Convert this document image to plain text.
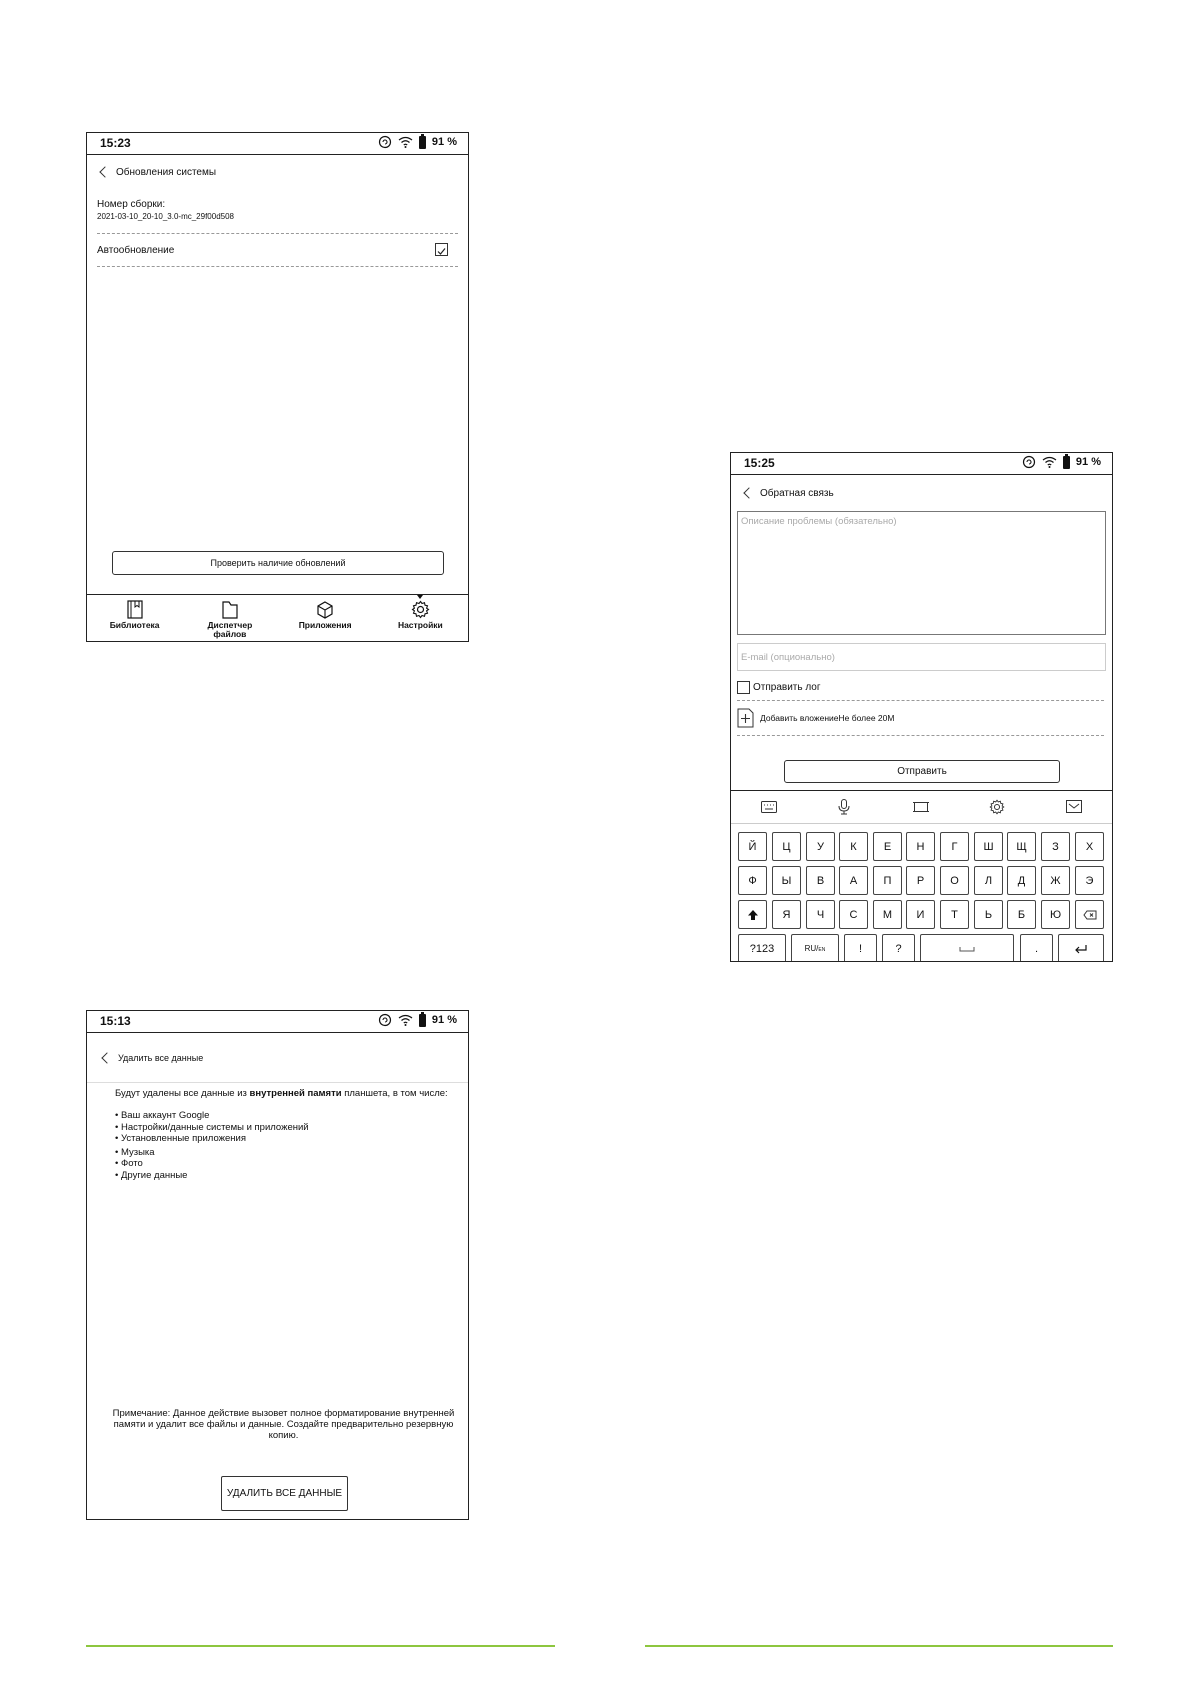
15:23	91 %
Обновления системы
Номер сборки:
2021-03-10_20-10_3.0-mc_29f00d508
Автообновление
Проверить наличие обновлений
Библиотека	Диспетчер файлов
Приложения	Настройки
15:25	91 %
Обратная связь
Описание проблемы (обязательно)
E-mail (опционально)
Отправить лог
Добавить вложениеНе более 20M
Отправить
Й	Ц	У	К	Е	Н	Г	Ш	Щ	З	Х
Ф	Ы	В	А	П	Р	О	Л	Д	Ж	Э
Я	Ч	С	М	И	Т	Ь	Б	Ю
?123	RU/ EN	!	?	.
15:13	91 %
Удалить все данные
Будут удалены все данные из внутренней памяти планшета, в том числе:
• Ваш аккаунт Google
• Настройки/данные системы и приложений
• Установленные приложения
• Музыка
• Фото
• Другие данные
Примечание: Данное действие вызовет полное форматирование внутренней памяти и удалит все файлы и данные. Создайте предварительно резервную копию.
УДАЛИТЬ ВСЕ ДАННЫЕ
